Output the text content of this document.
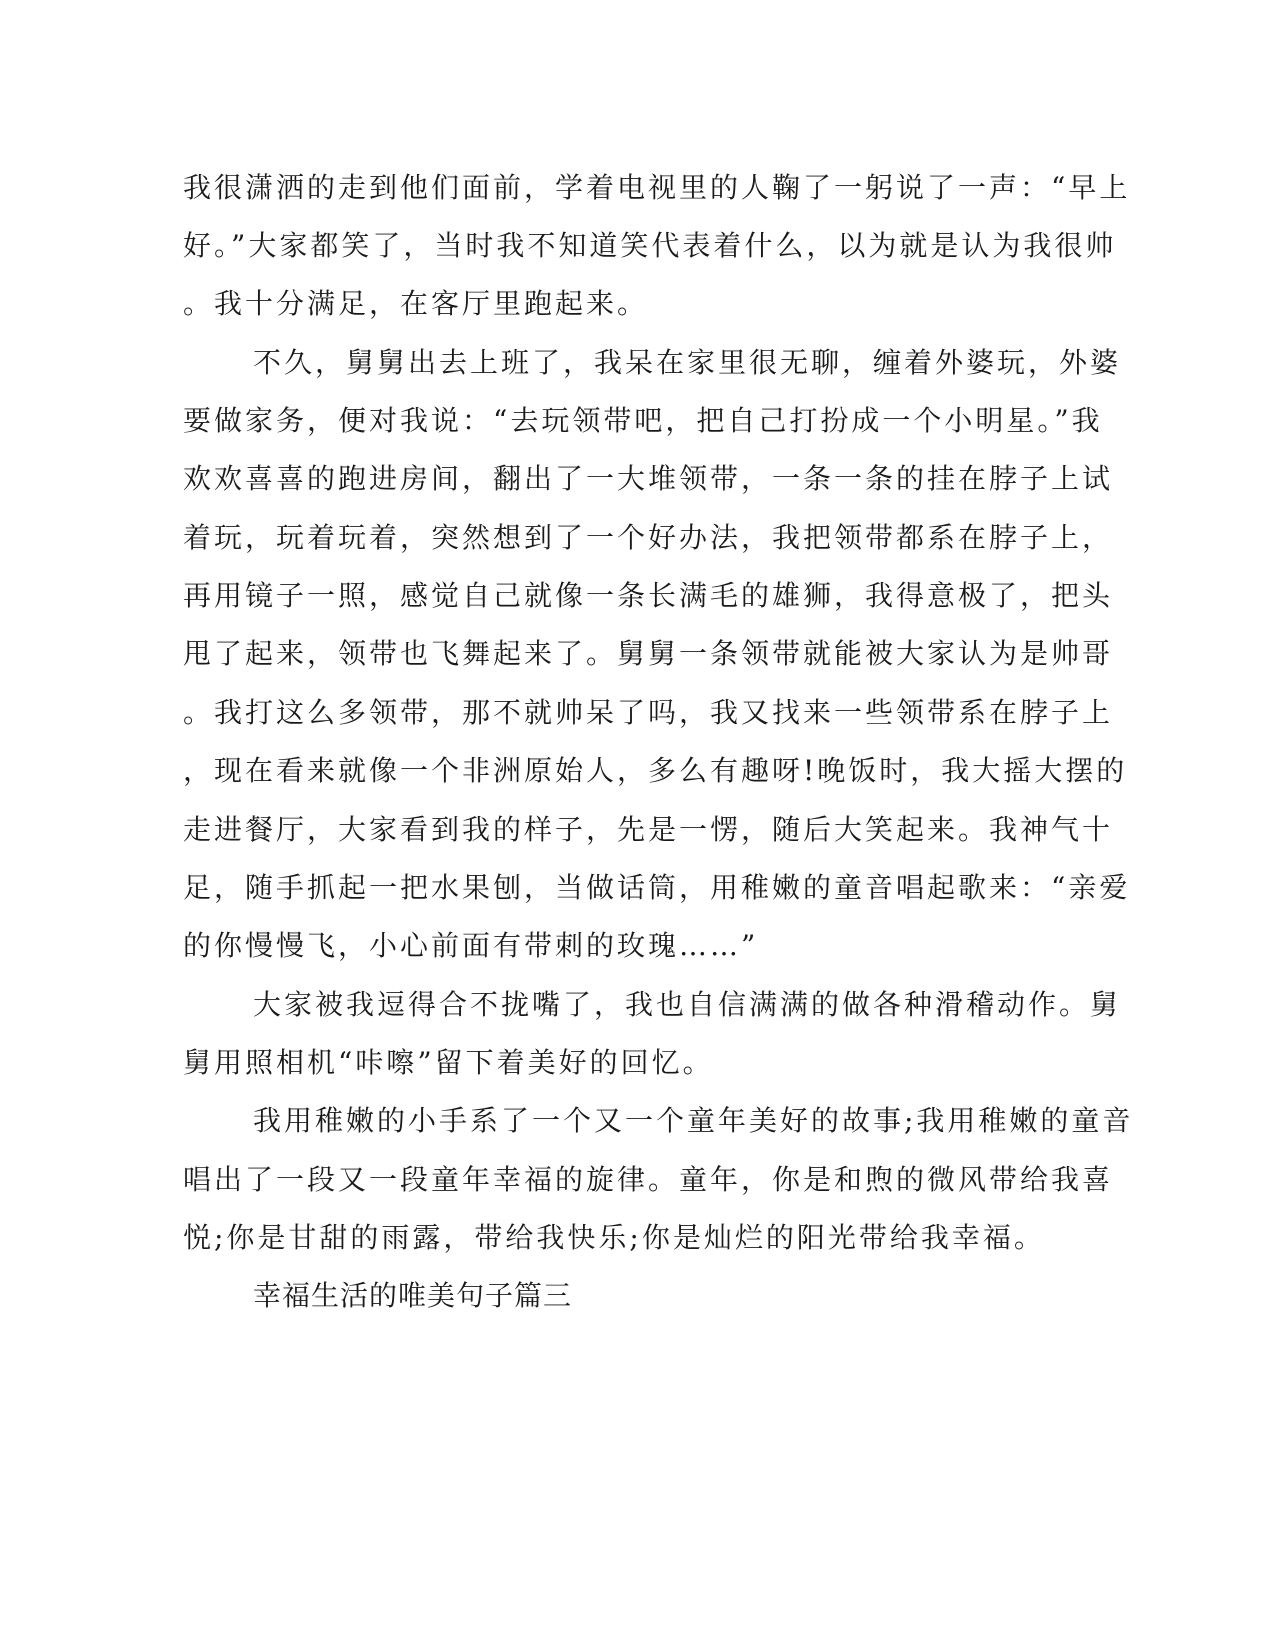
我很潇洒的走到他们面前，学着电视里的人鞠了一躬说了一声：“早上
好。”大家都笑了，当时我不知道笑代表着什么，以为就是认为我很帅
。我十分满足，在客厅里跑起来。
不久，舅舅出去上班了，我呆在家里很无聊，缠着外婆玩，外婆
要做家务，便对我说：“去玩领带吧，把自己打扮成一个小明星。”我
欢欢喜喜的跑进房间，翻出了一大堆领带，一条一条的挂在脖子上试
着玩，玩着玩着，突然想到了一个好办法，我把领带都系在脖子上，
再用镜子一照，感觉自己就像一条长满毛的雄狮，我得意极了，把头
甩了起来，领带也飞舞起来了。舅舅一条领带就能被大家认为是帅哥
。我打这么多领带，那不就帅呆了吗，我又找来一些领带系在脖子上
，现在看来就像一个非洲原始人，多么有趣呀!晚饭时，我大摇大摆的
走进餐厅，大家看到我的样子，先是一愣，随后大笑起来。我神气十
足，随手抓起一把水果刨，当做话筒，用稚嫩的童音唱起歌来：“亲爱
的你慢慢飞，小心前面有带刺的玫瑰……”
大家被我逗得合不拢嘴了，我也自信满满的做各种滑稽动作。舅
舅用照相机“咔嚓”留下着美好的回忆。
我用稚嫩的小手系了一个又一个童年美好的故事;我用稚嫩的童音
唱出了一段又一段童年幸福的旋律。童年，你是和煦的微风带给我喜
悦;你是甘甜的雨露，带给我快乐;你是灿烂的阳光带给我幸福。
幸福生活的唯美句子篇三
